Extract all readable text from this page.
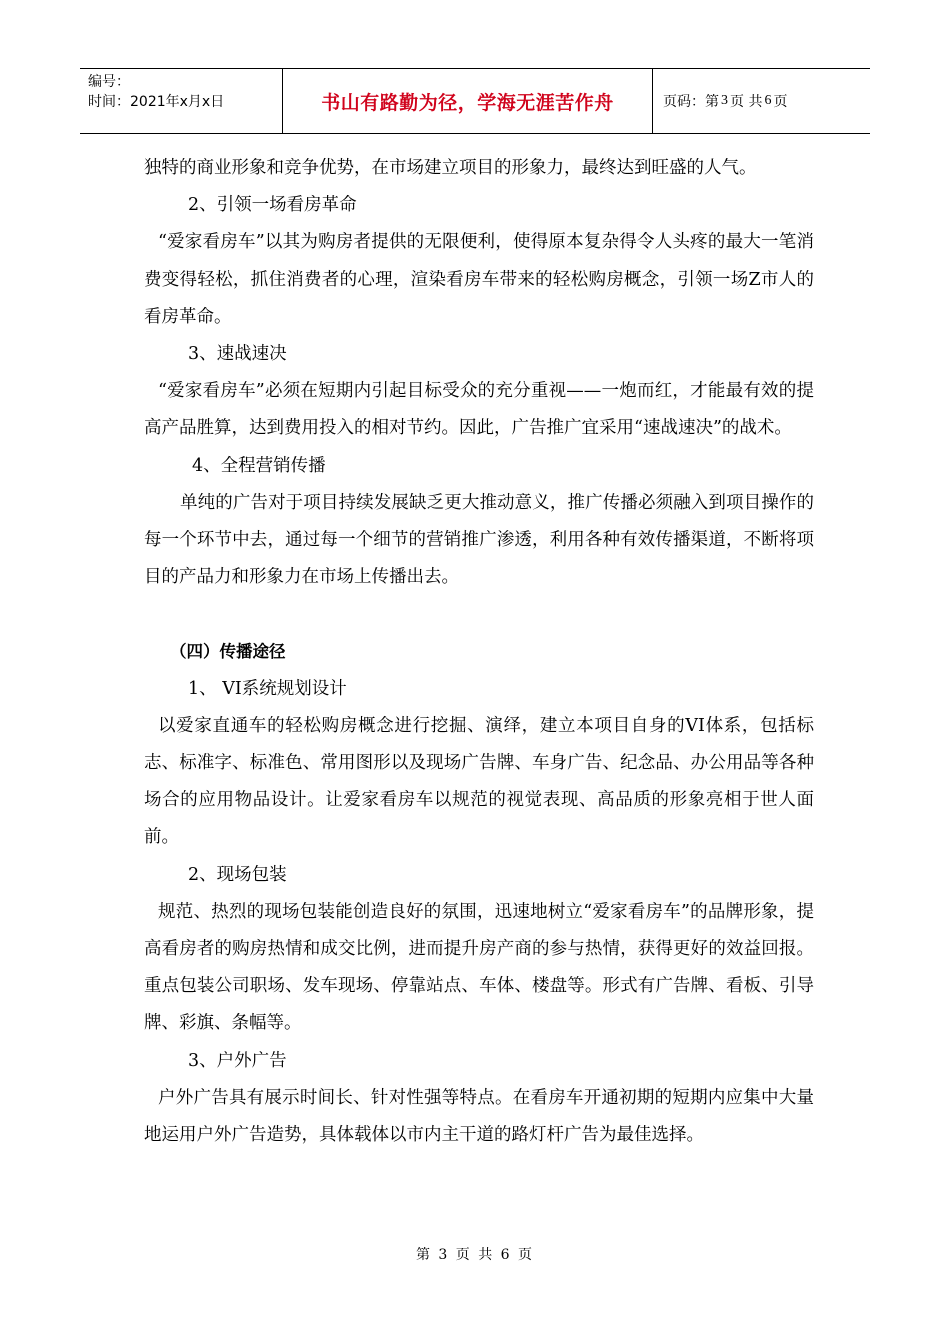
编号：
时间：2021年x月x日	书山有路勤为径，学海无涯苦作舟	页码：第 3 页 共 6 页

独特的商业形象和竞争优势，在市场建立项目的形象力，最终达到旺盛的人气。

2、引领一场看房革命

“爱家看房车”以其为购房者提供的无限便利，使得原本复杂得令人头疼的最大一笔消费变得轻松，抓住消费者的心理，渲染看房车带来的轻松购房概念，引领一场Z市人的看房革命。

3、速战速决

“爱家看房车”必须在短期内引起目标受众的充分重视——一炮而红，才能最有效的提高产品胜算，达到费用投入的相对节约。因此，广告推广宜采用“速战速决”的战术。

4、全程营销传播

单纯的广告对于项目持续发展缺乏更大推动意义，推广传播必须融入到项目操作的每一个环节中去，通过每一个细节的营销推广渗透，利用各种有效传播渠道，不断将项目的产品力和形象力在市场上传播出去。

（四）传播途径

1、 VI系统规划设计

以爱家直通车的轻松购房概念进行挖掘、演绎，建立本项目自身的VI体系，包括标志、标准字、标准色、常用图形以及现场广告牌、车身广告、纪念品、办公用品等各种场合的应用物品设计。让爱家看房车以规范的视觉表现、高品质的形象亮相于世人面前。

2、现场包装

规范、热烈的现场包装能创造良好的氛围，迅速地树立“爱家看房车”的品牌形象，提高看房者的购房热情和成交比例，进而提升房产商的参与热情，获得更好的效益回报。重点包装公司职场、发车现场、停靠站点、车体、楼盘等。形式有广告牌、看板、引导牌、彩旗、条幅等。

3、户外广告

户外广告具有展示时间长、针对性强等特点。在看房车开通初期的短期内应集中大量地运用户外广告造势，具体载体以市内主干道的路灯杆广告为最佳选择。

第 3 页 共 6 页
